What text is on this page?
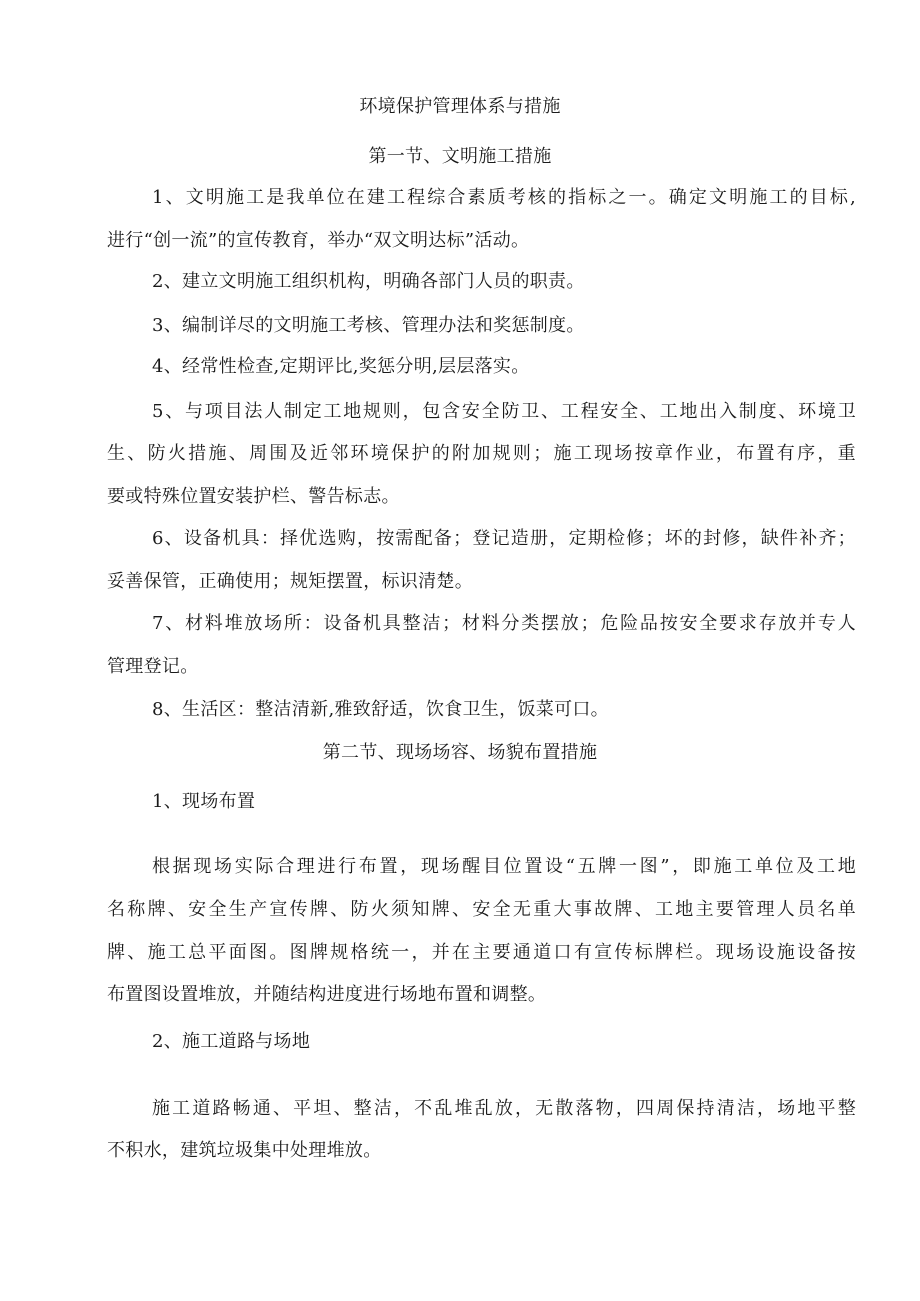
环境保护管理体系与措施
第一节、文明施工措施
1、文明施工是我单位在建工程综合素质考核的指标之一。确定文明施工的目标,
进行“创一流”的宣传教育，举办“双文明达标”活动。
2、建立文明施工组织机构，明确各部门人员的职责。
3、编制详尽的文明施工考核、管理办法和奖惩制度。
4、经常性检查,定期评比,奖惩分明,层层落实。
5、与项目法人制定工地规则，包含安全防卫、工程安全、工地出入制度、环境卫
生、防火措施、周围及近邻环境保护的附加规则；施工现场按章作业，布置有序，重
要或特殊位置安装护栏、警告标志。
6、设备机具：择优选购，按需配备；登记造册，定期检修；坏的封修，缺件补齐；
妥善保管，正确使用；规矩摆置，标识清楚。
7、材料堆放场所：设备机具整洁；材料分类摆放；危险品按安全要求存放并专人
管理登记。
8、生活区：整洁清新,雅致舒适，饮食卫生，饭菜可口。
第二节、现场场容、场貌布置措施
1、现场布置
根据现场实际合理进行布置，现场醒目位置设“五牌一图”，即施工单位及工地
名称牌、安全生产宣传牌、防火须知牌、安全无重大事故牌、工地主要管理人员名单
牌、施工总平面图。图牌规格统一，并在主要通道口有宣传标牌栏。现场设施设备按
布置图设置堆放，并随结构进度进行场地布置和调整。
2、施工道路与场地
施工道路畅通、平坦、整洁，不乱堆乱放，无散落物，四周保持清洁，场地平整
不积水，建筑垃圾集中处理堆放。
